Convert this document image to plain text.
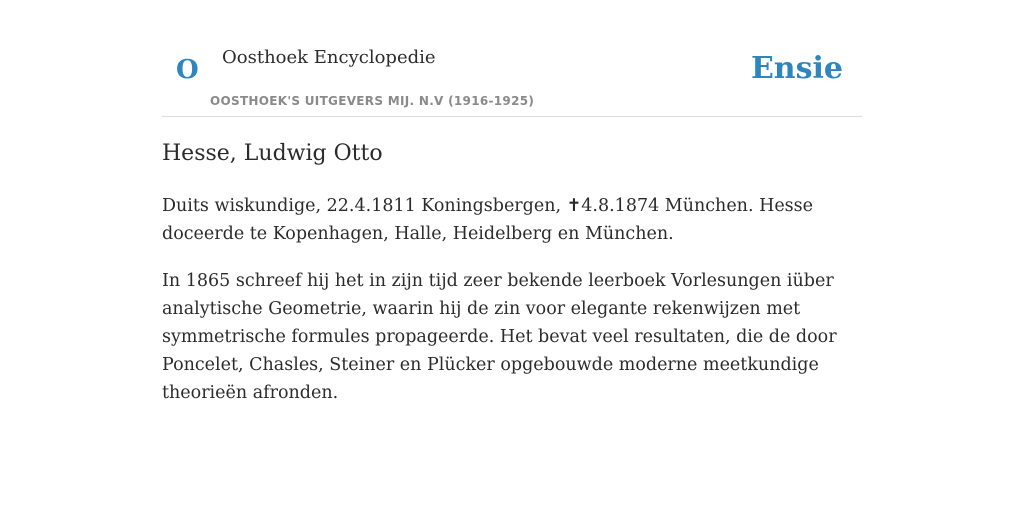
O Oosthoek Encyclopedie
OOSTHOEK'S UITGEVERS MIJ. N.V (1916-1925)
Ensie
Hesse, Ludwig Otto

Duits wiskundige, 22.4.1811 Koningsbergen, ✝4.8.1874 München. Hesse doceerde te Kopenhagen, Halle, Heidelberg en München.

In 1865 schreef hij het in zijn tijd zeer bekende leerboek Vorlesungen iüber analytische Geometrie, waarin hij de zin voor elegante rekenwijzen met symmetrische formules propageerde. Het bevat veel resultaten, die de door Poncelet, Chasles, Steiner en Plücker opgebouwde moderne meetkundige theorieën afronden.
